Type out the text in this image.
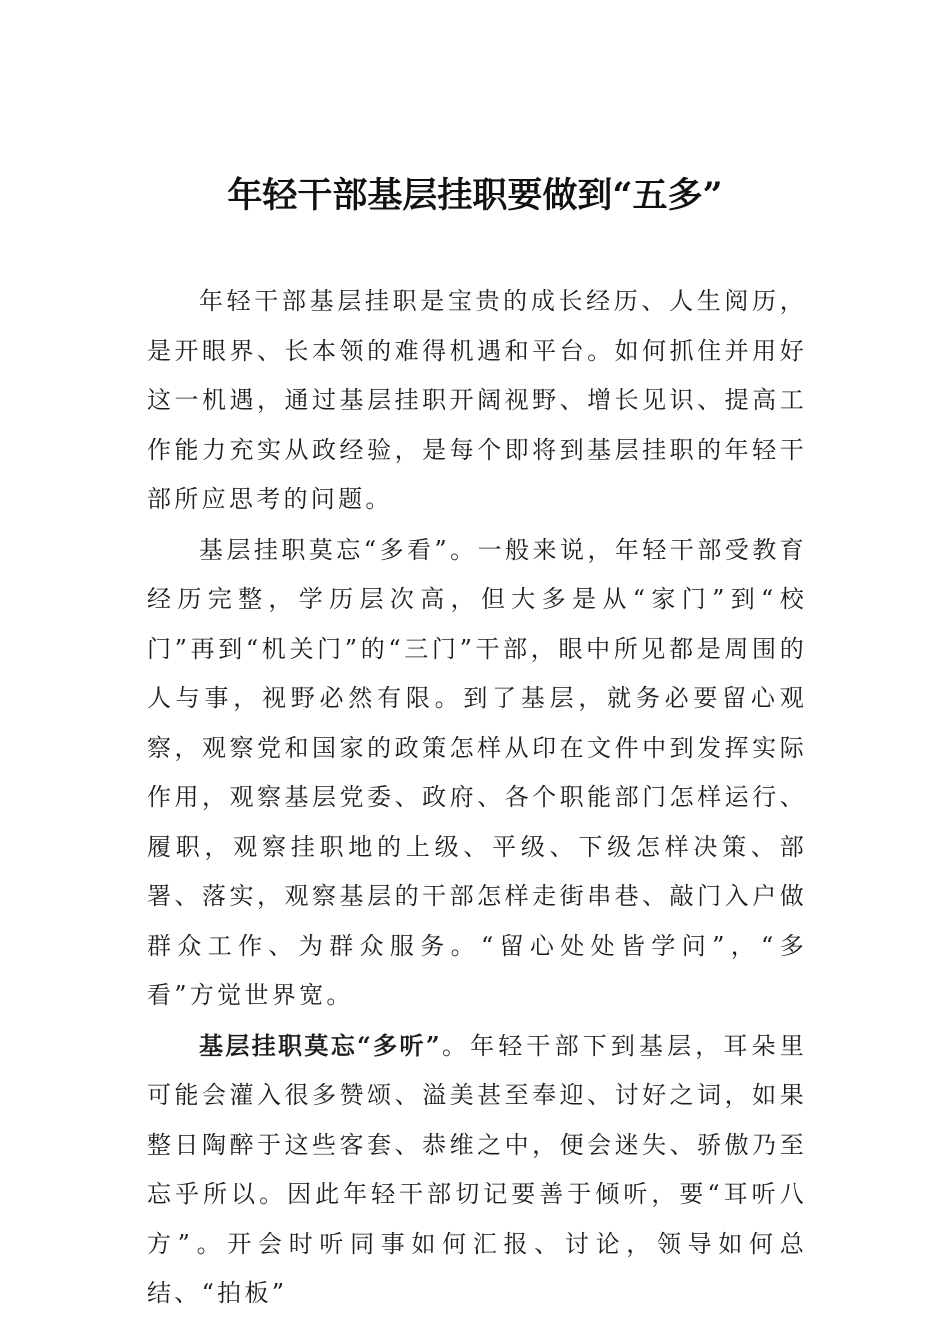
年轻干部基层挂职要做到“五多”

年轻干部基层挂职是宝贵的成长经历、人生阅历，是开眼界、长本领的难得机遇和平台。如何抓住并用好这一机遇，通过基层挂职开阔视野、增长见识、提高工作能力充实从政经验，是每个即将到基层挂职的年轻干部所应思考的问题。

基层挂职莫忘“多看”。一般来说，年轻干部受教育经历完整，学历层次高，但大多是从“家门”到“校门”再到“机关门”的“三门”干部，眼中所见都是周围的人与事，视野必然有限。到了基层，就务必要留心观察，观察党和国家的政策怎样从印在文件中到发挥实际作用，观察基层党委、政府、各个职能部门怎样运行、履职，观察挂职地的上级、平级、下级怎样决策、部署、落实，观察基层的干部怎样走街串巷、敲门入户做群众工作、为群众服务。“留心处处皆学问”，“多看”方觉世界宽。

基层挂职莫忘“多听”。年轻干部下到基层，耳朵里可能会灌入很多赞颂、溢美甚至奉迎、讨好之词，如果整日陶醉于这些客套、恭维之中，便会迷失、骄傲乃至忘乎所以。因此年轻干部切记要善于倾听，要“耳听八方”。开会时听同事如何汇报、讨论，领导如何总结、“拍板”
